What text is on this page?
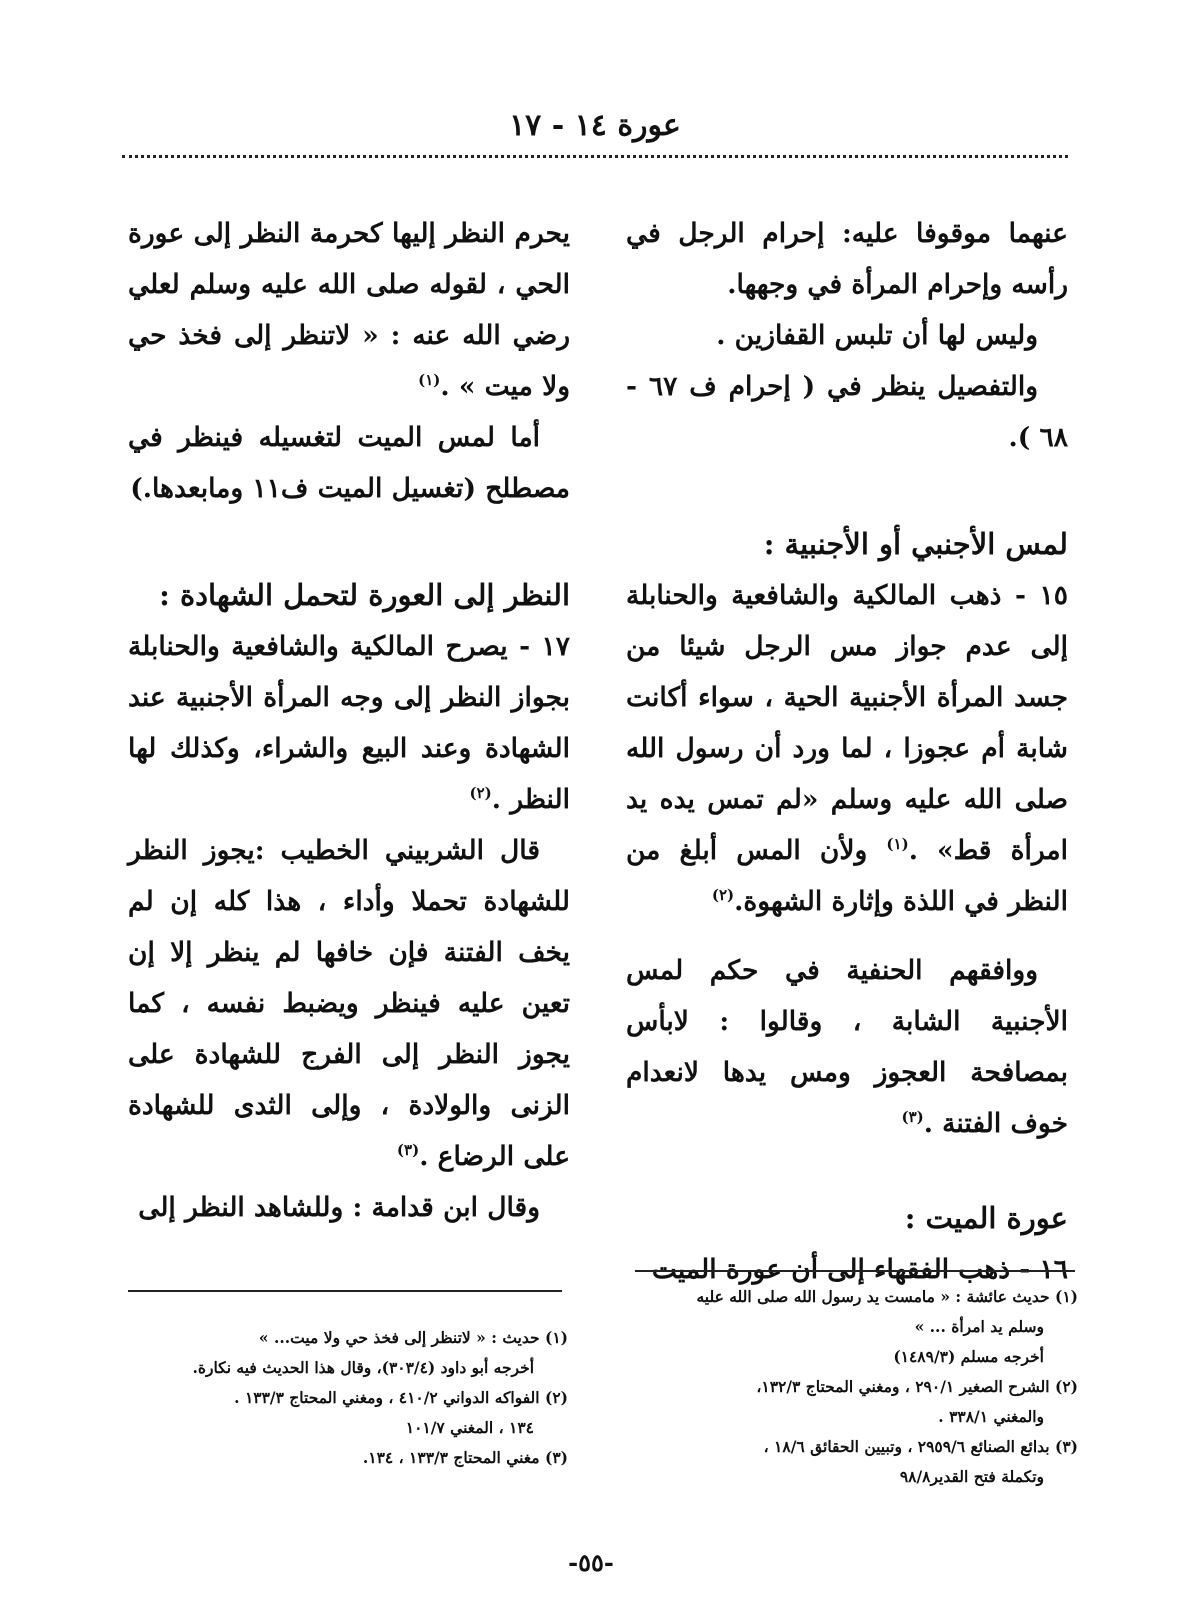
عورة ١٤ - ١٧

عنهما موقوفا عليه: إحرام الرجل في رأسه وإحرام المرأة في وجهها.

وليس لها أن تلبس القفازين .

والتفصيل ينظر في ( إحرام ف ٦٧ - ٦٨ ).

لمس الأجنبي أو الأجنبية :

١٥ - ذهب المالكية والشافعية والحنابلة إلى عدم جواز مس الرجل شيئا من جسد المرأة الأجنبية الحية ، سواء أكانت شابة أم عجوزا ، لما ورد أن رسول الله صلى الله عليه وسلم «لم تمس يده يد امرأة قط» .$^{(١)}$ ولأن المس أبلغ من النظر في اللذة وإثارة الشهوة.$^{(٢)}$

ووافقهم الحنفية في حكم لمس الأجنبية الشابة ، وقالوا : لابأس بمصافحة العجوز ومس يدها لانعدام خوف الفتنة .$^{(٣)}$

عورة الميت :

١٦ - ذهب الفقهاء إلى أن عورة الميت

يحرم النظر إليها كحرمة النظر إلى عورة الحي ، لقوله صلى الله عليه وسلم لعلي رضي الله عنه : « لاتنظر إلى فخذ حي ولا ميت » .$^{(١)}$

أما لمس الميت لتغسيله فينظر في مصطلح (تغسيل الميت ف١١ ومابعدها.)

النظر إلى العورة لتحمل الشهادة :

١٧ - يصرح المالكية والشافعية والحنابلة بجواز النظر إلى وجه المرأة الأجنبية عند الشهادة وعند البيع والشراء، وكذلك لها النظر .$^{(٢)}$

قال الشربيني الخطيب :يجوز النظر للشهادة تحملا وأداء ، هذا كله إن لم يخف الفتنة فإن خافها لم ينظر إلا إن تعين عليه فينظر ويضبط نفسه ، كما يجوز النظر إلى الفرج للشهادة على الزنى والولادة ، وإلى الثدى للشهادة على الرضاع .$^{(٣)}$

وقال ابن قدامة : وللشاهد النظر إلى

(١) حديث عائشة : « مامست يد رسول الله صلى الله عليه

وسلم يد امرأة ... »

أخرجه مسلم (١٤٨٩/٣)

(٢) الشرح الصغير ٢٩٠/١ ، ومغني المحتاج ١٣٢/٣،

والمغني ٣٣٨/١ .

(٣) بدائع الصنائع ٢٩٥٩/٦ ، وتبيين الحقائق ١٨/٦ ،

وتكملة فتح القدير٩٨/٨

(١) حديث : « لاتنظر إلى فخذ حي ولا ميت... »

أخرجه أبو داود (٣٠٣/٤)، وقال هذا الحديث فيه نكارة.

(٢) الفواكه الدواني ٤١٠/٢ ، ومغني المحتاج ١٣٣/٣ .

١٣٤ ، المغني ١٠١/٧

(٣) مغني المحتاج ١٣٣/٣ ، ١٣٤.

-٥٥-
